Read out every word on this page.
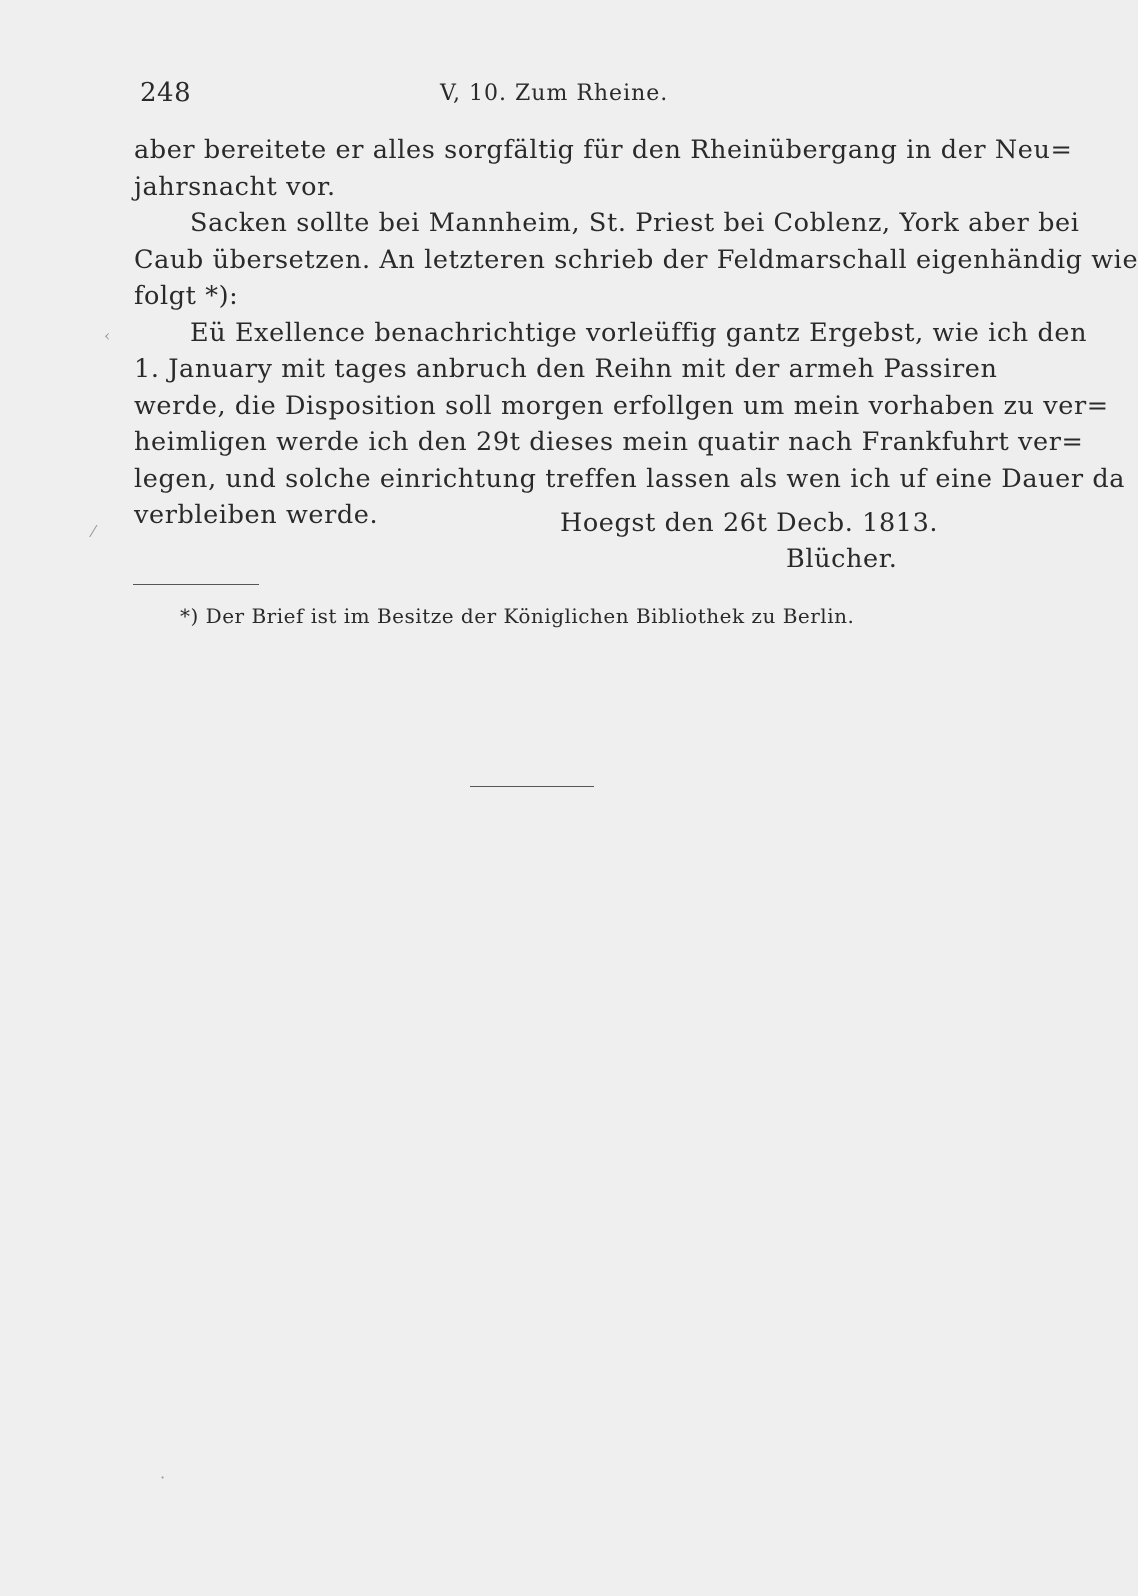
248	V, 10. Zum Rheine.
aber bereitete er alles sorgfältig für den Rheinübergang in der Neu=
jahrsnacht vor.
Sacken sollte bei Mannheim, St. Priest bei Coblenz, York aber bei
Caub übersetzen. An letzteren schrieb der Feldmarschall eigenhändig wie
folgt *):
Eü Exellence benachrichtige vorleüffig gantz Ergebst, wie ich den
1. January mit tages anbruch den Reihn mit der armeh Passiren
werde, die Disposition soll morgen erfollgen um mein vorhaben zu ver=
heimligen werde ich den 29t dieses mein quatir nach Frankfuhrt ver=
legen, und solche einrichtung treffen lassen als wen ich uf eine Dauer da
verbleiben werde.	Hoegst den 26t Decb. 1813.
Blücher.
*) Der Brief ist im Besitze der Königlichen Bibliothek zu Berlin.
‹
⁄
·
